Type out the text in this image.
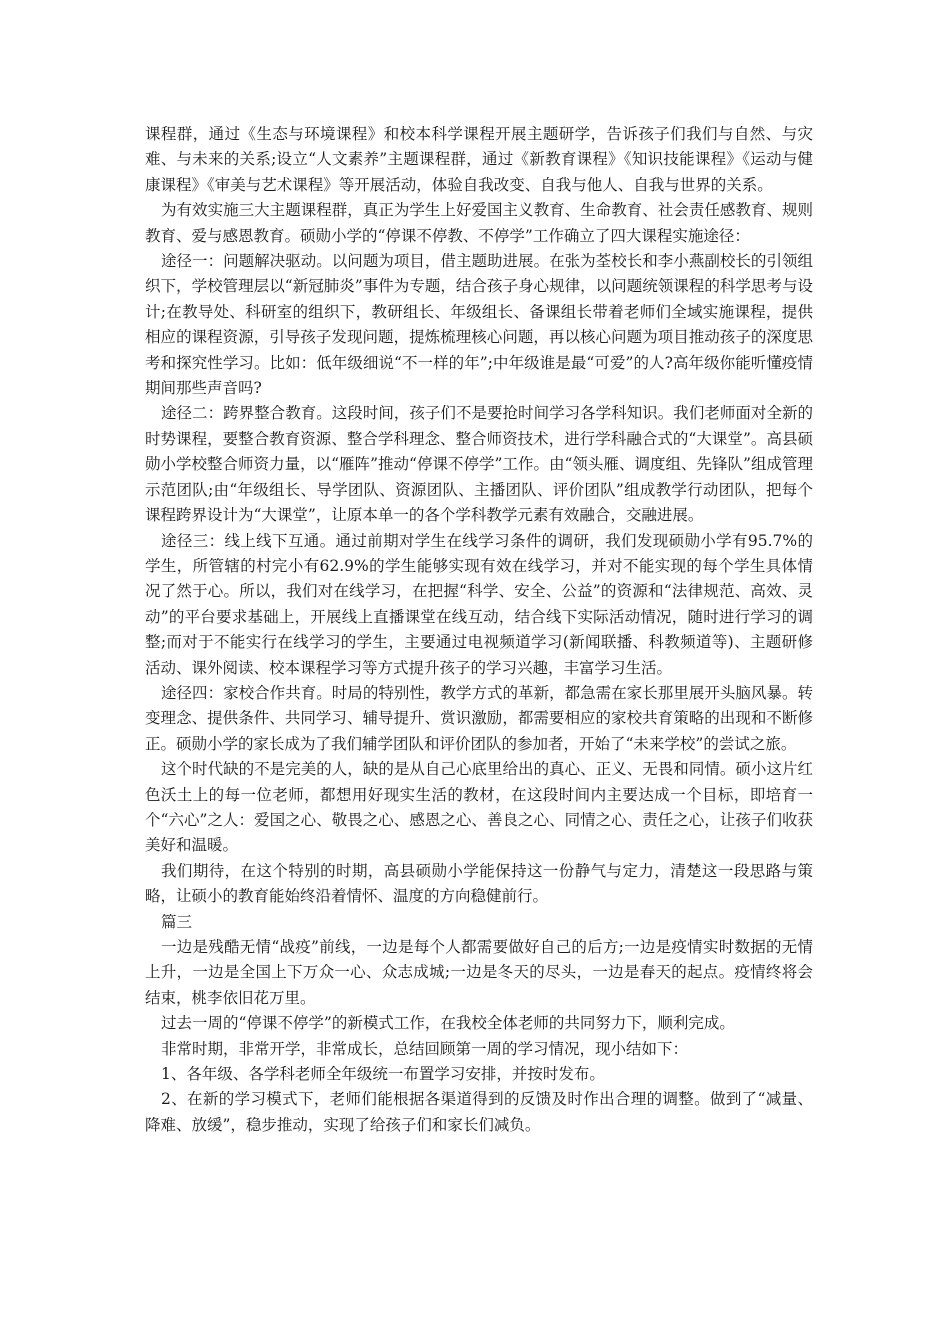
课程群，通过《生态与环境课程》和校本科学课程开展主题研学，告诉孩子们我们与自然、与灾难、与未来的关系;设立“人文素养”主题课程群，通过《新教育课程》《知识技能课程》《运动与健康课程》《审美与艺术课程》等开展活动，体验自我改变、自我与他人、自我与世界的关系。

为有效实施三大主题课程群，真正为学生上好爱国主义教育、生命教育、社会责任感教育、规则教育、爱与感恩教育。硕勋小学的“停课不停教、不停学”工作确立了四大课程实施途径：

途径一：问题解决驱动。以问题为项目，借主题助进展。在张为荃校长和李小燕副校长的引领组织下，学校管理层以“新冠肺炎”事件为专题，结合孩子身心规律，以问题统领课程的科学思考与设计;在教导处、科研室的组织下，教研组长、年级组长、备课组长带着老师们全域实施课程，提供相应的课程资源，引导孩子发现问题，提炼梳理核心问题，再以核心问题为项目推动孩子的深度思考和探究性学习。比如：低年级细说“不一样的年”;中年级谁是最“可爱”的人?高年级你能听懂疫情期间那些声音吗?

途径二：跨界整合教育。这段时间，孩子们不是要抢时间学习各学科知识。我们老师面对全新的时势课程，要整合教育资源、整合学科理念、整合师资技术，进行学科融合式的“大课堂”。高县硕勋小学校整合师资力量，以“雁阵”推动“停课不停学”工作。由“领头雁、调度组、先锋队”组成管理示范团队;由“年级组长、导学团队、资源团队、主播团队、评价团队”组成教学行动团队，把每个课程跨界设计为“大课堂”，让原本单一的各个学科教学元素有效融合，交融进展。

途径三：线上线下互通。通过前期对学生在线学习条件的调研，我们发现硕勋小学有95.7%的学生，所管辖的村完小有62.9%的学生能够实现有效在线学习，并对不能实现的每个学生具体情况了然于心。所以，我们对在线学习，在把握“科学、安全、公益”的资源和“法律规范、高效、灵动”的平台要求基础上，开展线上直播课堂在线互动，结合线下实际活动情况，随时进行学习的调整;而对于不能实行在线学习的学生，主要通过电视频道学习(新闻联播、科教频道等)、主题研修活动、课外阅读、校本课程学习等方式提升孩子的学习兴趣，丰富学习生活。

途径四：家校合作共育。时局的特别性，教学方式的革新，都急需在家长那里展开头脑风暴。转变理念、提供条件、共同学习、辅导提升、赏识激励，都需要相应的家校共育策略的出现和不断修正。硕勋小学的家长成为了我们辅学团队和评价团队的参加者，开始了“未来学校”的尝试之旅。

这个时代缺的不是完美的人，缺的是从自己心底里给出的真心、正义、无畏和同情。硕小这片红色沃土上的每一位老师，都想用好现实生活的教材，在这段时间内主要达成一个目标，即培育一个“六心”之人：爱国之心、敬畏之心、感恩之心、善良之心、同情之心、责任之心，让孩子们收获美好和温暖。

我们期待，在这个特别的时期，高县硕勋小学能保持这一份静气与定力，清楚这一段思路与策略，让硕小的教育能始终沿着情怀、温度的方向稳健前行。

篇三

一边是残酷无情“战疫”前线，一边是每个人都需要做好自己的后方;一边是疫情实时数据的无情上升，一边是全国上下万众一心、众志成城;一边是冬天的尽头，一边是春天的起点。疫情终将会结束，桃李依旧花万里。

过去一周的“停课不停学”的新模式工作，在我校全体老师的共同努力下，顺利完成。

非常时期，非常开学，非常成长，总结回顾第一周的学习情况，现小结如下：

1、各年级、各学科老师全年级统一布置学习安排，并按时发布。

2、在新的学习模式下，老师们能根据各渠道得到的反馈及时作出合理的调整。做到了“减量、降难、放缓”，稳步推动，实现了给孩子们和家长们减负。
